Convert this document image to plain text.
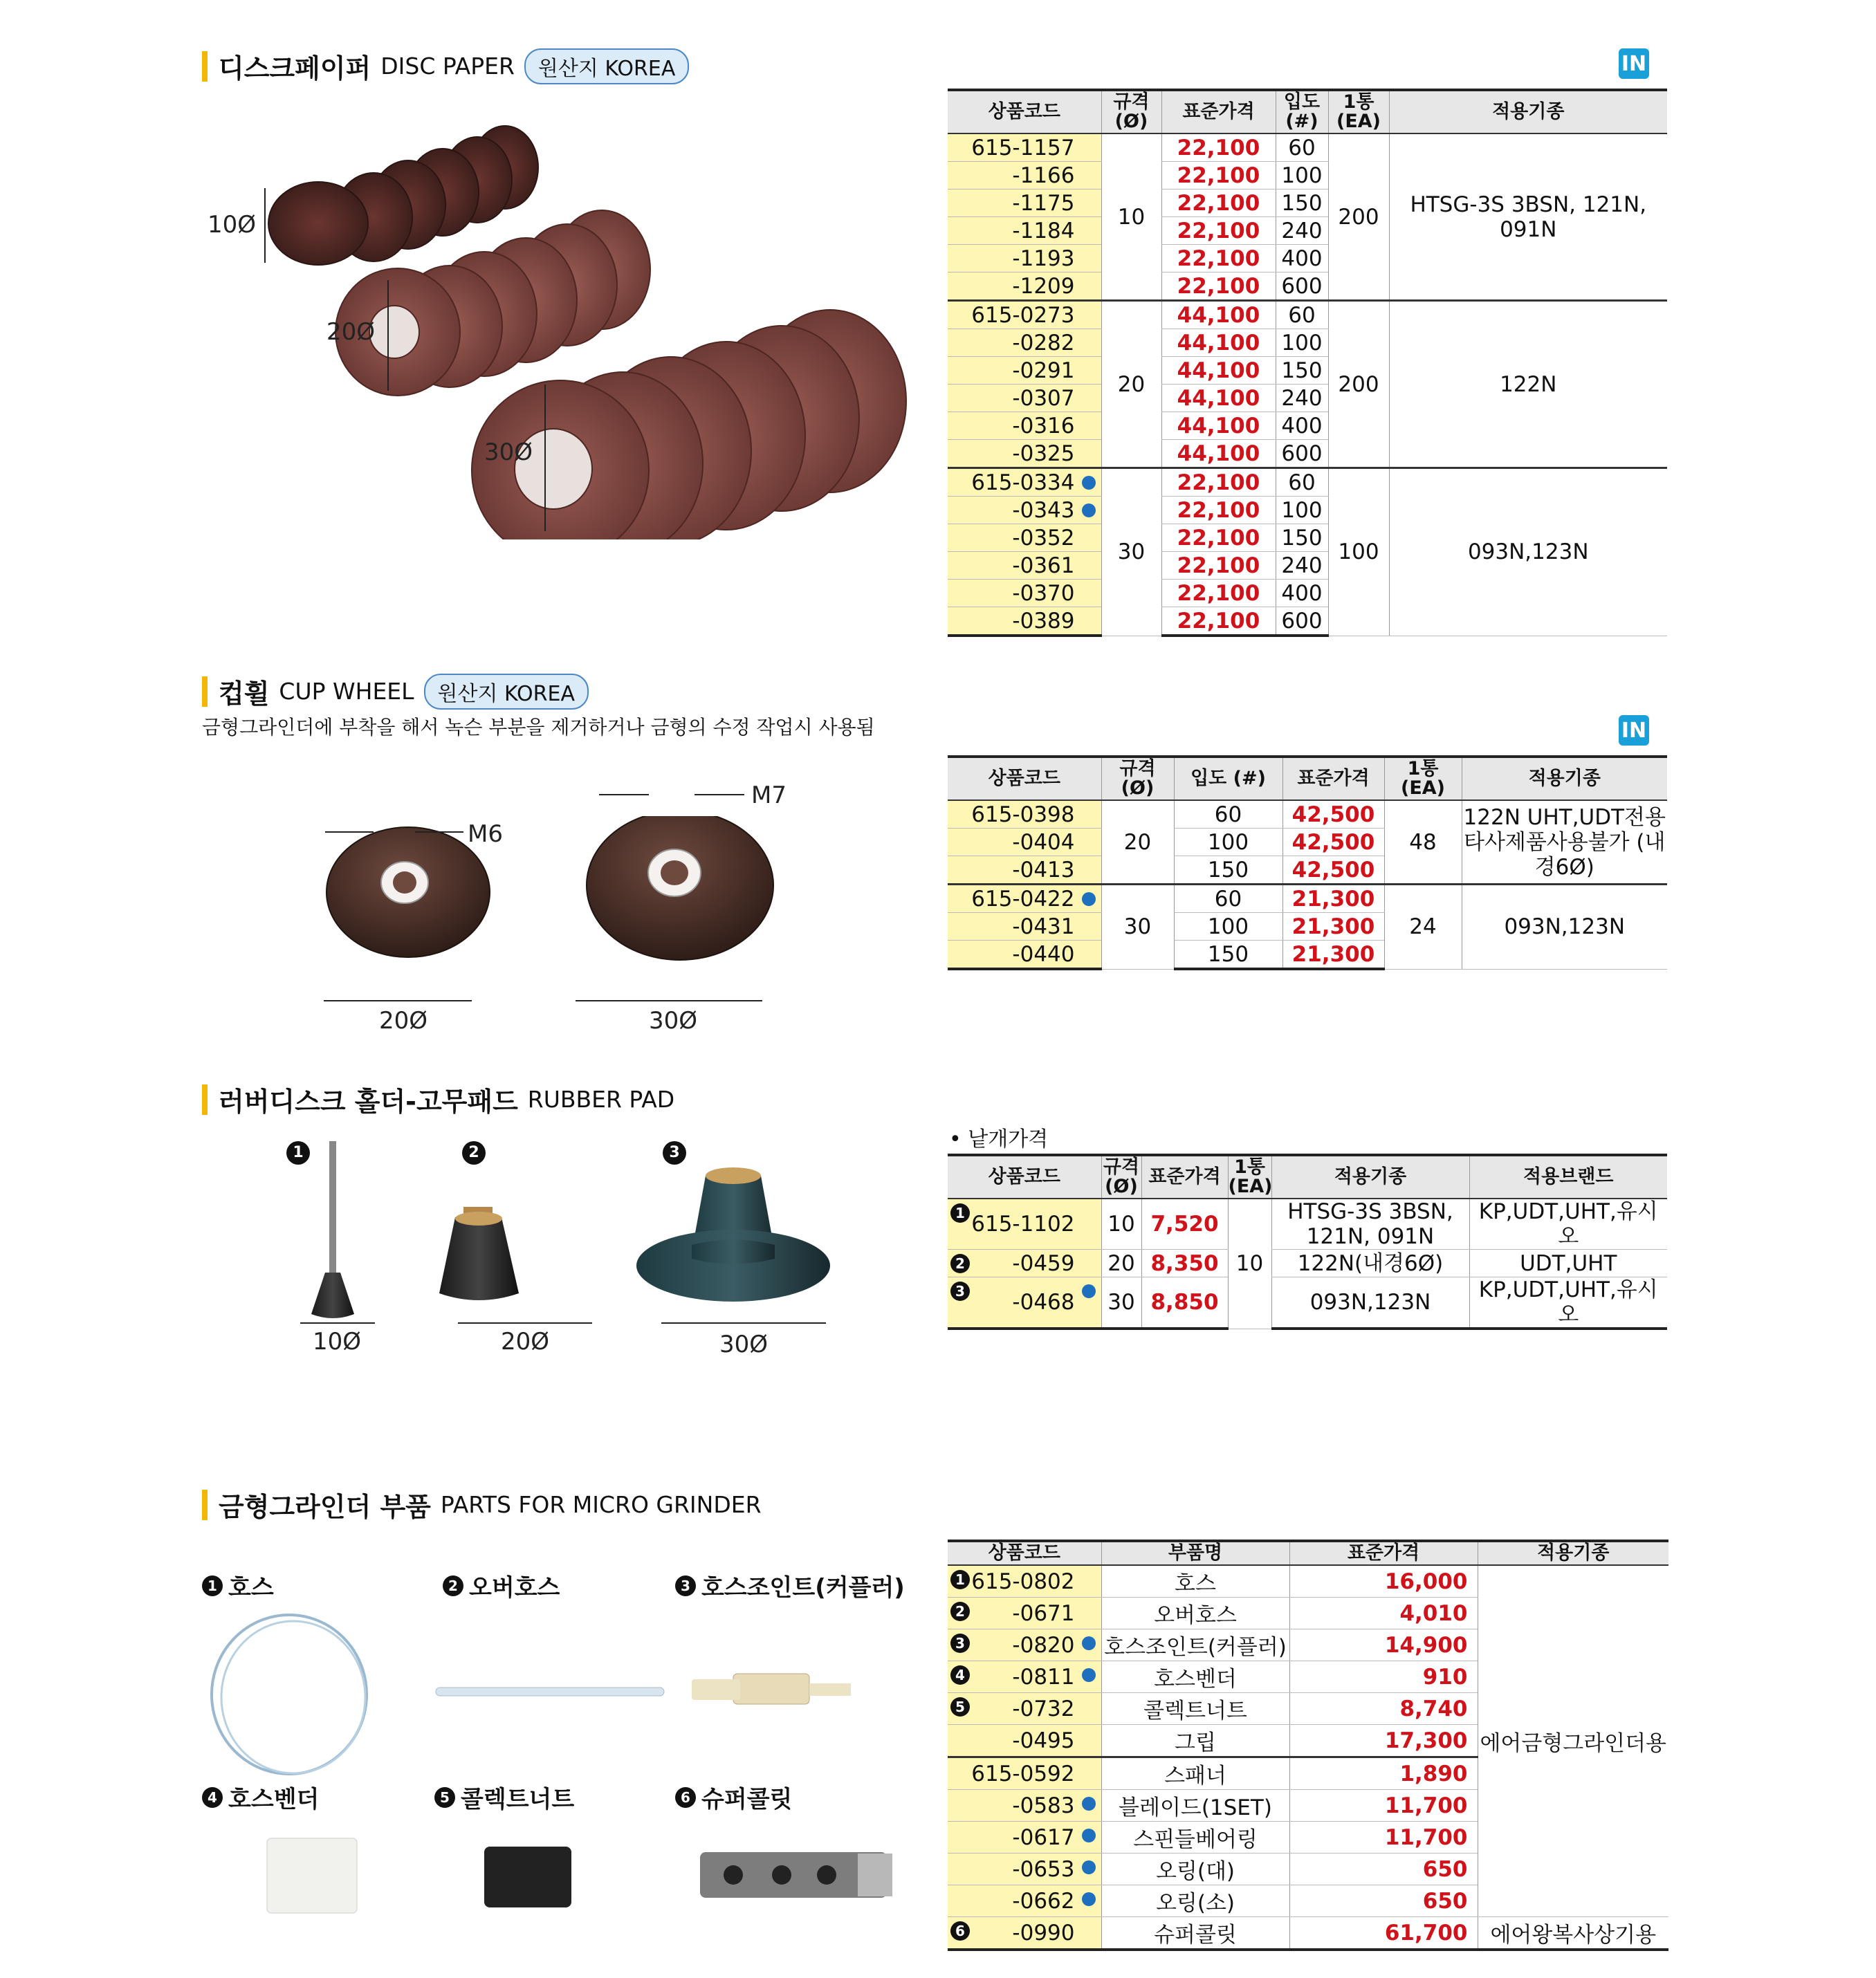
디스크페이퍼 DISC PAPER	원산지 KOREA	IN
10Ø
20Ø
30Ø
상품코드	규격 (Ø)	표준가격	입도 (#)	1통 (EA)	적용기종
615-1157	10	22,100	60	200	HTSG-3S 3BSN, 121N, 091N
-1166		22,100	100		
-1175		22,100	150		
-1184		22,100	240		
-1193		22,100	400		
-1209		22,100	600		
615-0273	20	44,100	60	200	122N
-0282		44,100	100		
-0291		44,100	150		
-0307		44,100	240		
-0316		44,100	400		
-0325		44,100	600		
615-0334	30	22,100	60	100	093N,123N
-0343		22,100	100		
-0352		22,100	150		
-0361		22,100	240		
-0370		22,100	400		
-0389		22,100	600		
컵휠 CUP WHEEL	원산지 KOREA
금형그라인더에 부착을 해서 녹슨 부분을 제거하거나 금형의 수정 작업시 사용됨	IN
M6
M7
20Ø	30Ø
상품코드	규격 (Ø)	입도 (#)	표준가격	1통 (EA)	적용기종
615-0398	20	60	42,500	48	122N UHT,UDT전용 타사제품사용불가 (내경6Ø)
-0404		100	42,500		
-0413		150	42,500		
615-0422	30	60	21,300	24	093N,123N
-0431		100	21,300		
-0440		150	21,300		
러버디스크 홀더-고무패드 RUBBER PAD
1	2	3
10Ø	20Ø	30Ø
• 낱개가격
상품코드	규격 (Ø)	표준가격	1통 (EA)	적용기종	적용브랜드

1 615-1102	10	7,520	10	HTSG-3S 3BSN, 121N, 091N	KP,UDT,UHT,유시오

2 -0459	20	8,350		122N(내경6Ø)	UDT,UHT

3 -0468	30	8,850		093N,123N	KP,UDT,UHT,유시오
금형그라인더 부품 PARTS FOR MICRO GRINDER
1 호스	2 오버호스	3 호스조인트(커플러)
4 호스벤더	5 콜렉트너트	6 슈퍼콜릿
상품코드	부품명	표준가격	적용기종

1 615-0802	호스	16,000	에어금형그라인더용

2 -0671	오버호스	4,010	

3 -0820	호스조인트(커플러)	14,900	

4 -0811	호스벤더	910	

5 -0732	콜렉트너트	8,740	
-0495	그립	17,300	
615-0592	스패너	1,890	
-0583	블레이드(1SET)	11,700	
-0617	스핀들베어링	11,700	
-0653	오링(대)	650	
-0662	오링(소)	650	

6 -0990	슈퍼콜릿	61,700	에어왕복사상기용
